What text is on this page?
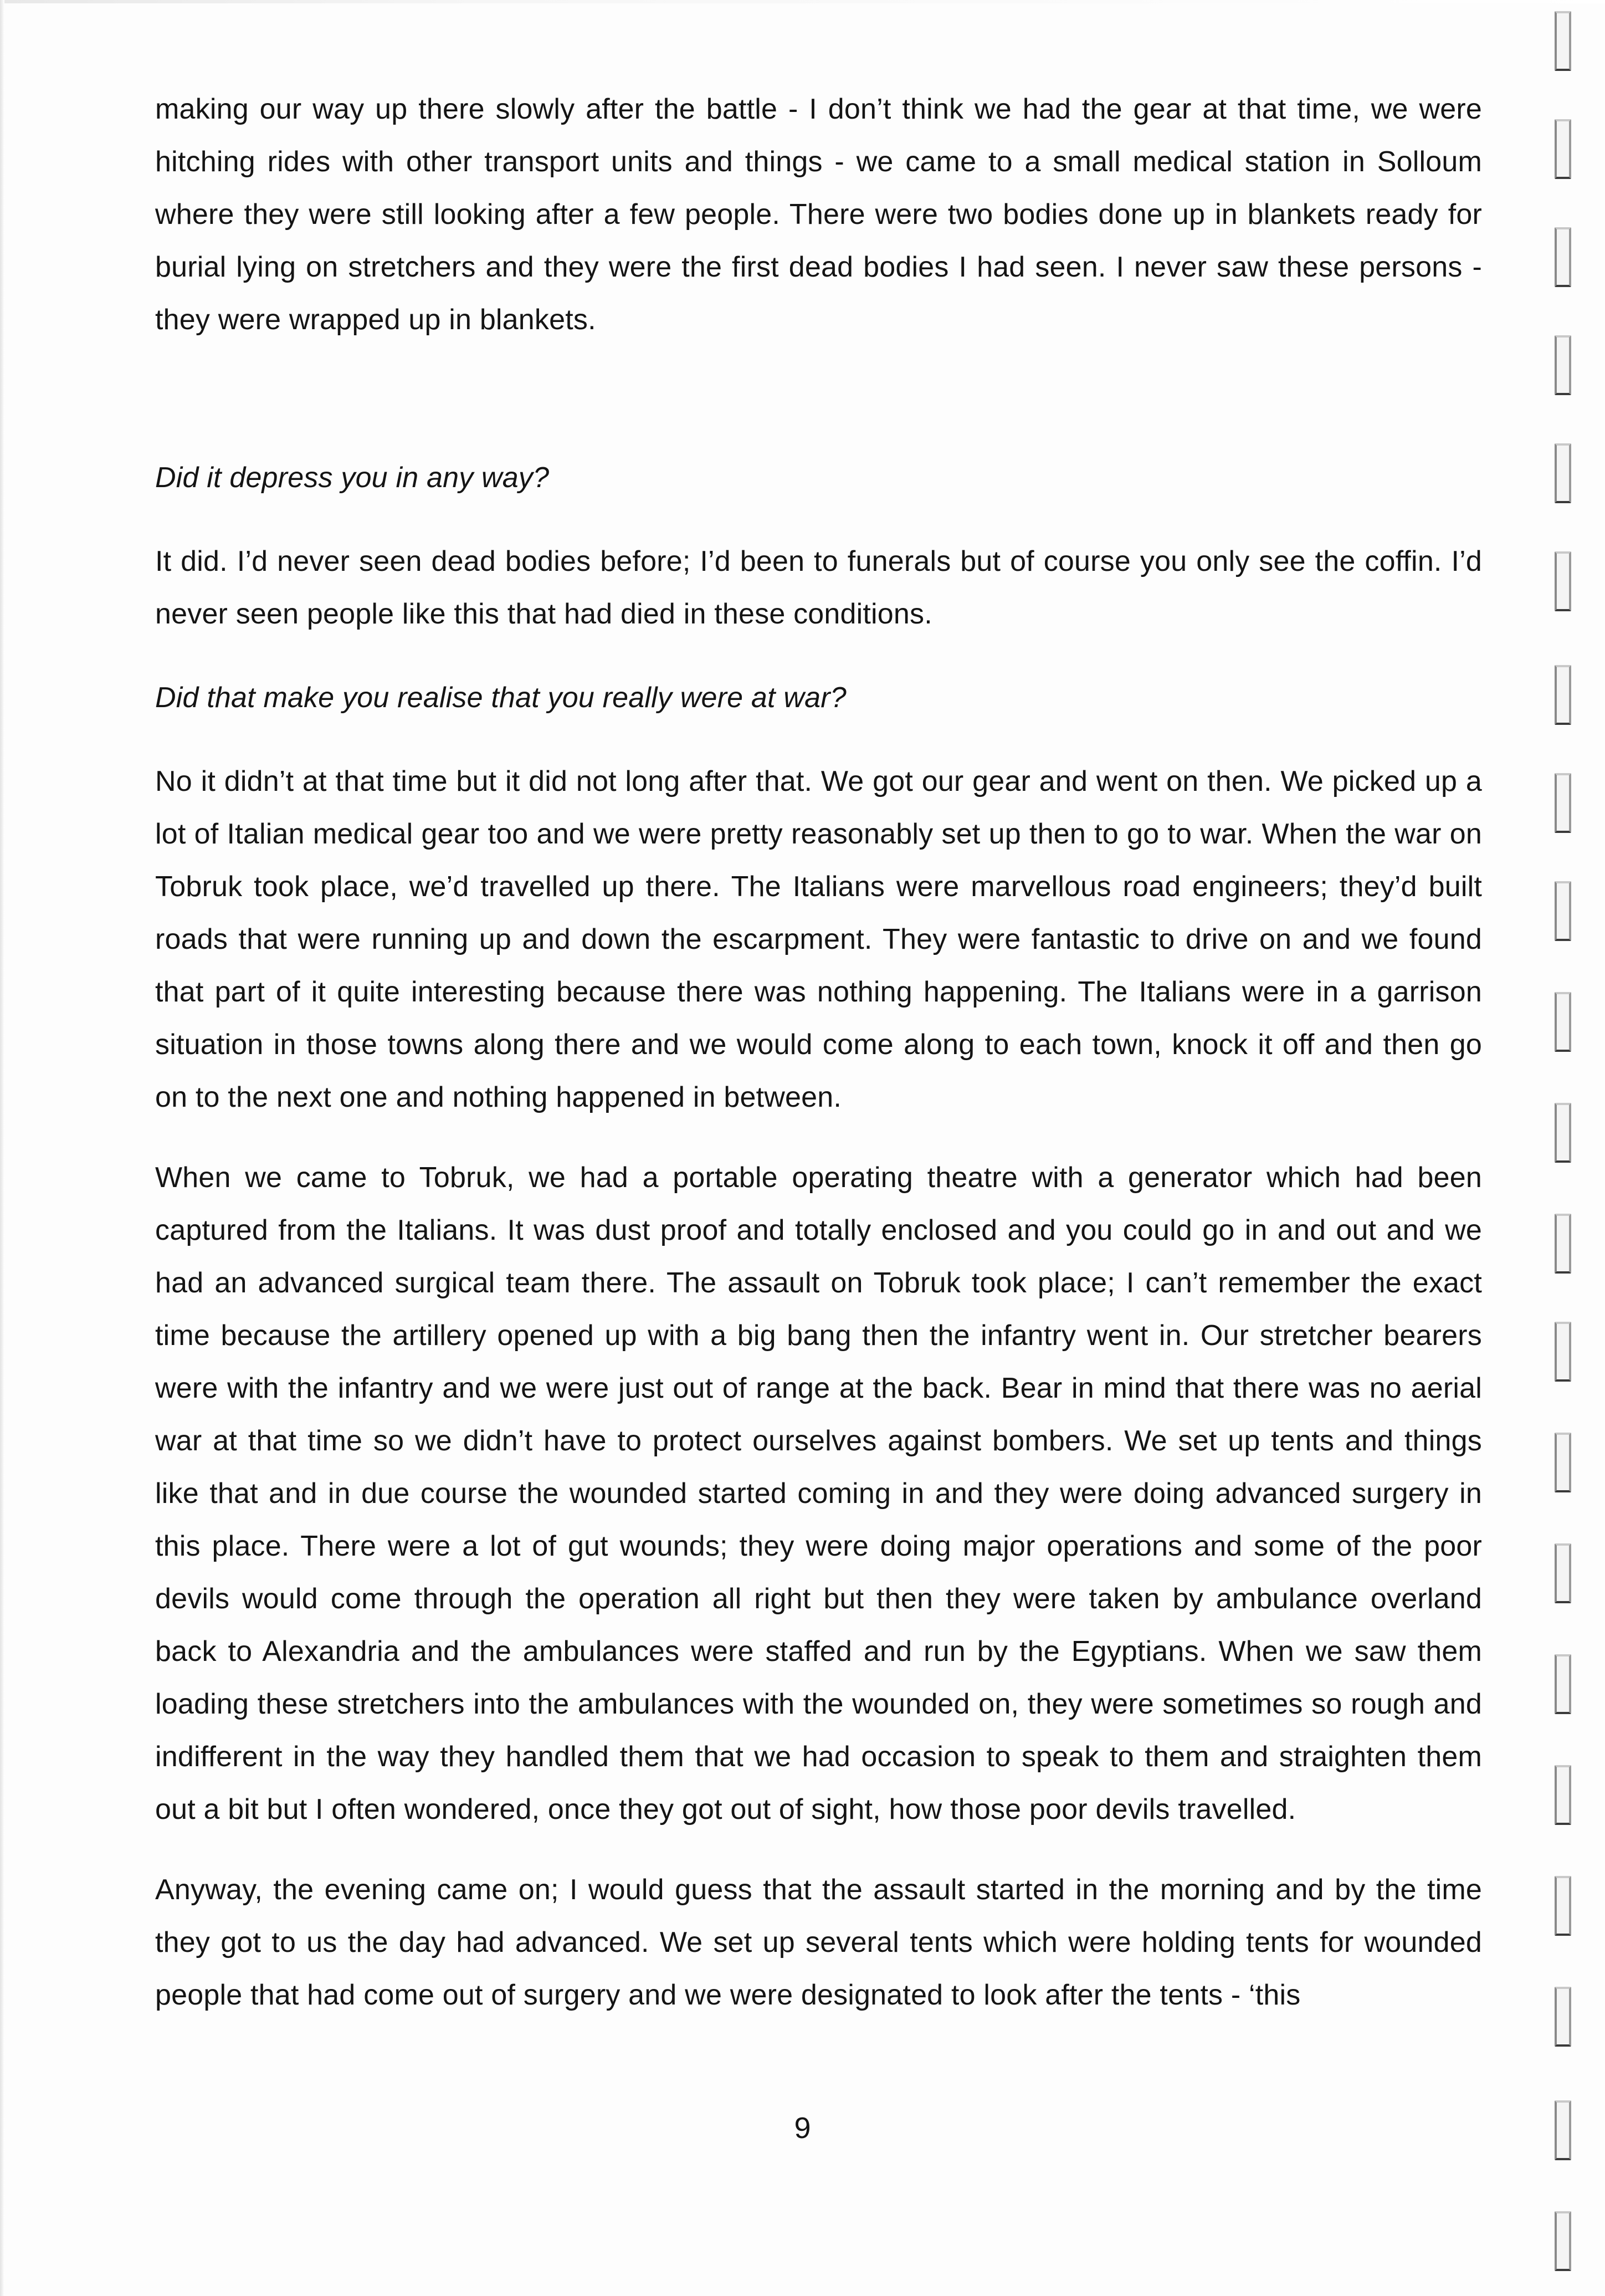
making our way up there slowly after the battle - I don’t think we had the gear at that time, we were hitching rides with other transport units and things - we came to a small medical station in Solloum where they were still looking after a few people. There were two bodies done up in blankets ready for burial lying on stretchers and they were the first dead bodies I had seen. I never saw these persons - they were wrapped up in blankets.

Did it depress you in any way?

It did. I’d never seen dead bodies before; I’d been to funerals but of course you only see the coffin. I’d never seen people like this that had died in these conditions.

Did that make you realise that you really were at war?

No it didn’t at that time but it did not long after that. We got our gear and went on then. We picked up a lot of Italian medical gear too and we were pretty reasonably set up then to go to war. When the war on Tobruk took place, we’d travelled up there. The Italians were marvellous road engineers; they’d built roads that were running up and down the escarpment. They were fantastic to drive on and we found that part of it quite interesting because there was nothing happening. The Italians were in a garrison situation in those towns along there and we would come along to each town, knock it off and then go on to the next one and nothing happened in between.

When we came to Tobruk, we had a portable operating theatre with a generator which had been captured from the Italians. It was dust proof and totally enclosed and you could go in and out and we had an advanced surgical team there. The assault on Tobruk took place; I can’t remember the exact time because the artillery opened up with a big bang then the infantry went in. Our stretcher bearers were with the infantry and we were just out of range at the back. Bear in mind that there was no aerial war at that time so we didn’t have to protect ourselves against bombers. We set up tents and things like that and in due course the wounded started coming in and they were doing advanced surgery in this place. There were a lot of gut wounds; they were doing major operations and some of the poor devils would come through the operation all right but then they were taken by ambulance overland back to Alexandria and the ambulances were staffed and run by the Egyptians. When we saw them loading these stretchers into the ambulances with the wounded on, they were sometimes so rough and indifferent in the way they handled them that we had occasion to speak to them and straighten them out a bit but I often wondered, once they got out of sight, how those poor devils travelled.

Anyway, the evening came on; I would guess that the assault started in the morning and by the time they got to us the day had advanced. We set up several tents which were holding tents for wounded people that had come out of surgery and we were designated to look after the tents - ‘this

9
